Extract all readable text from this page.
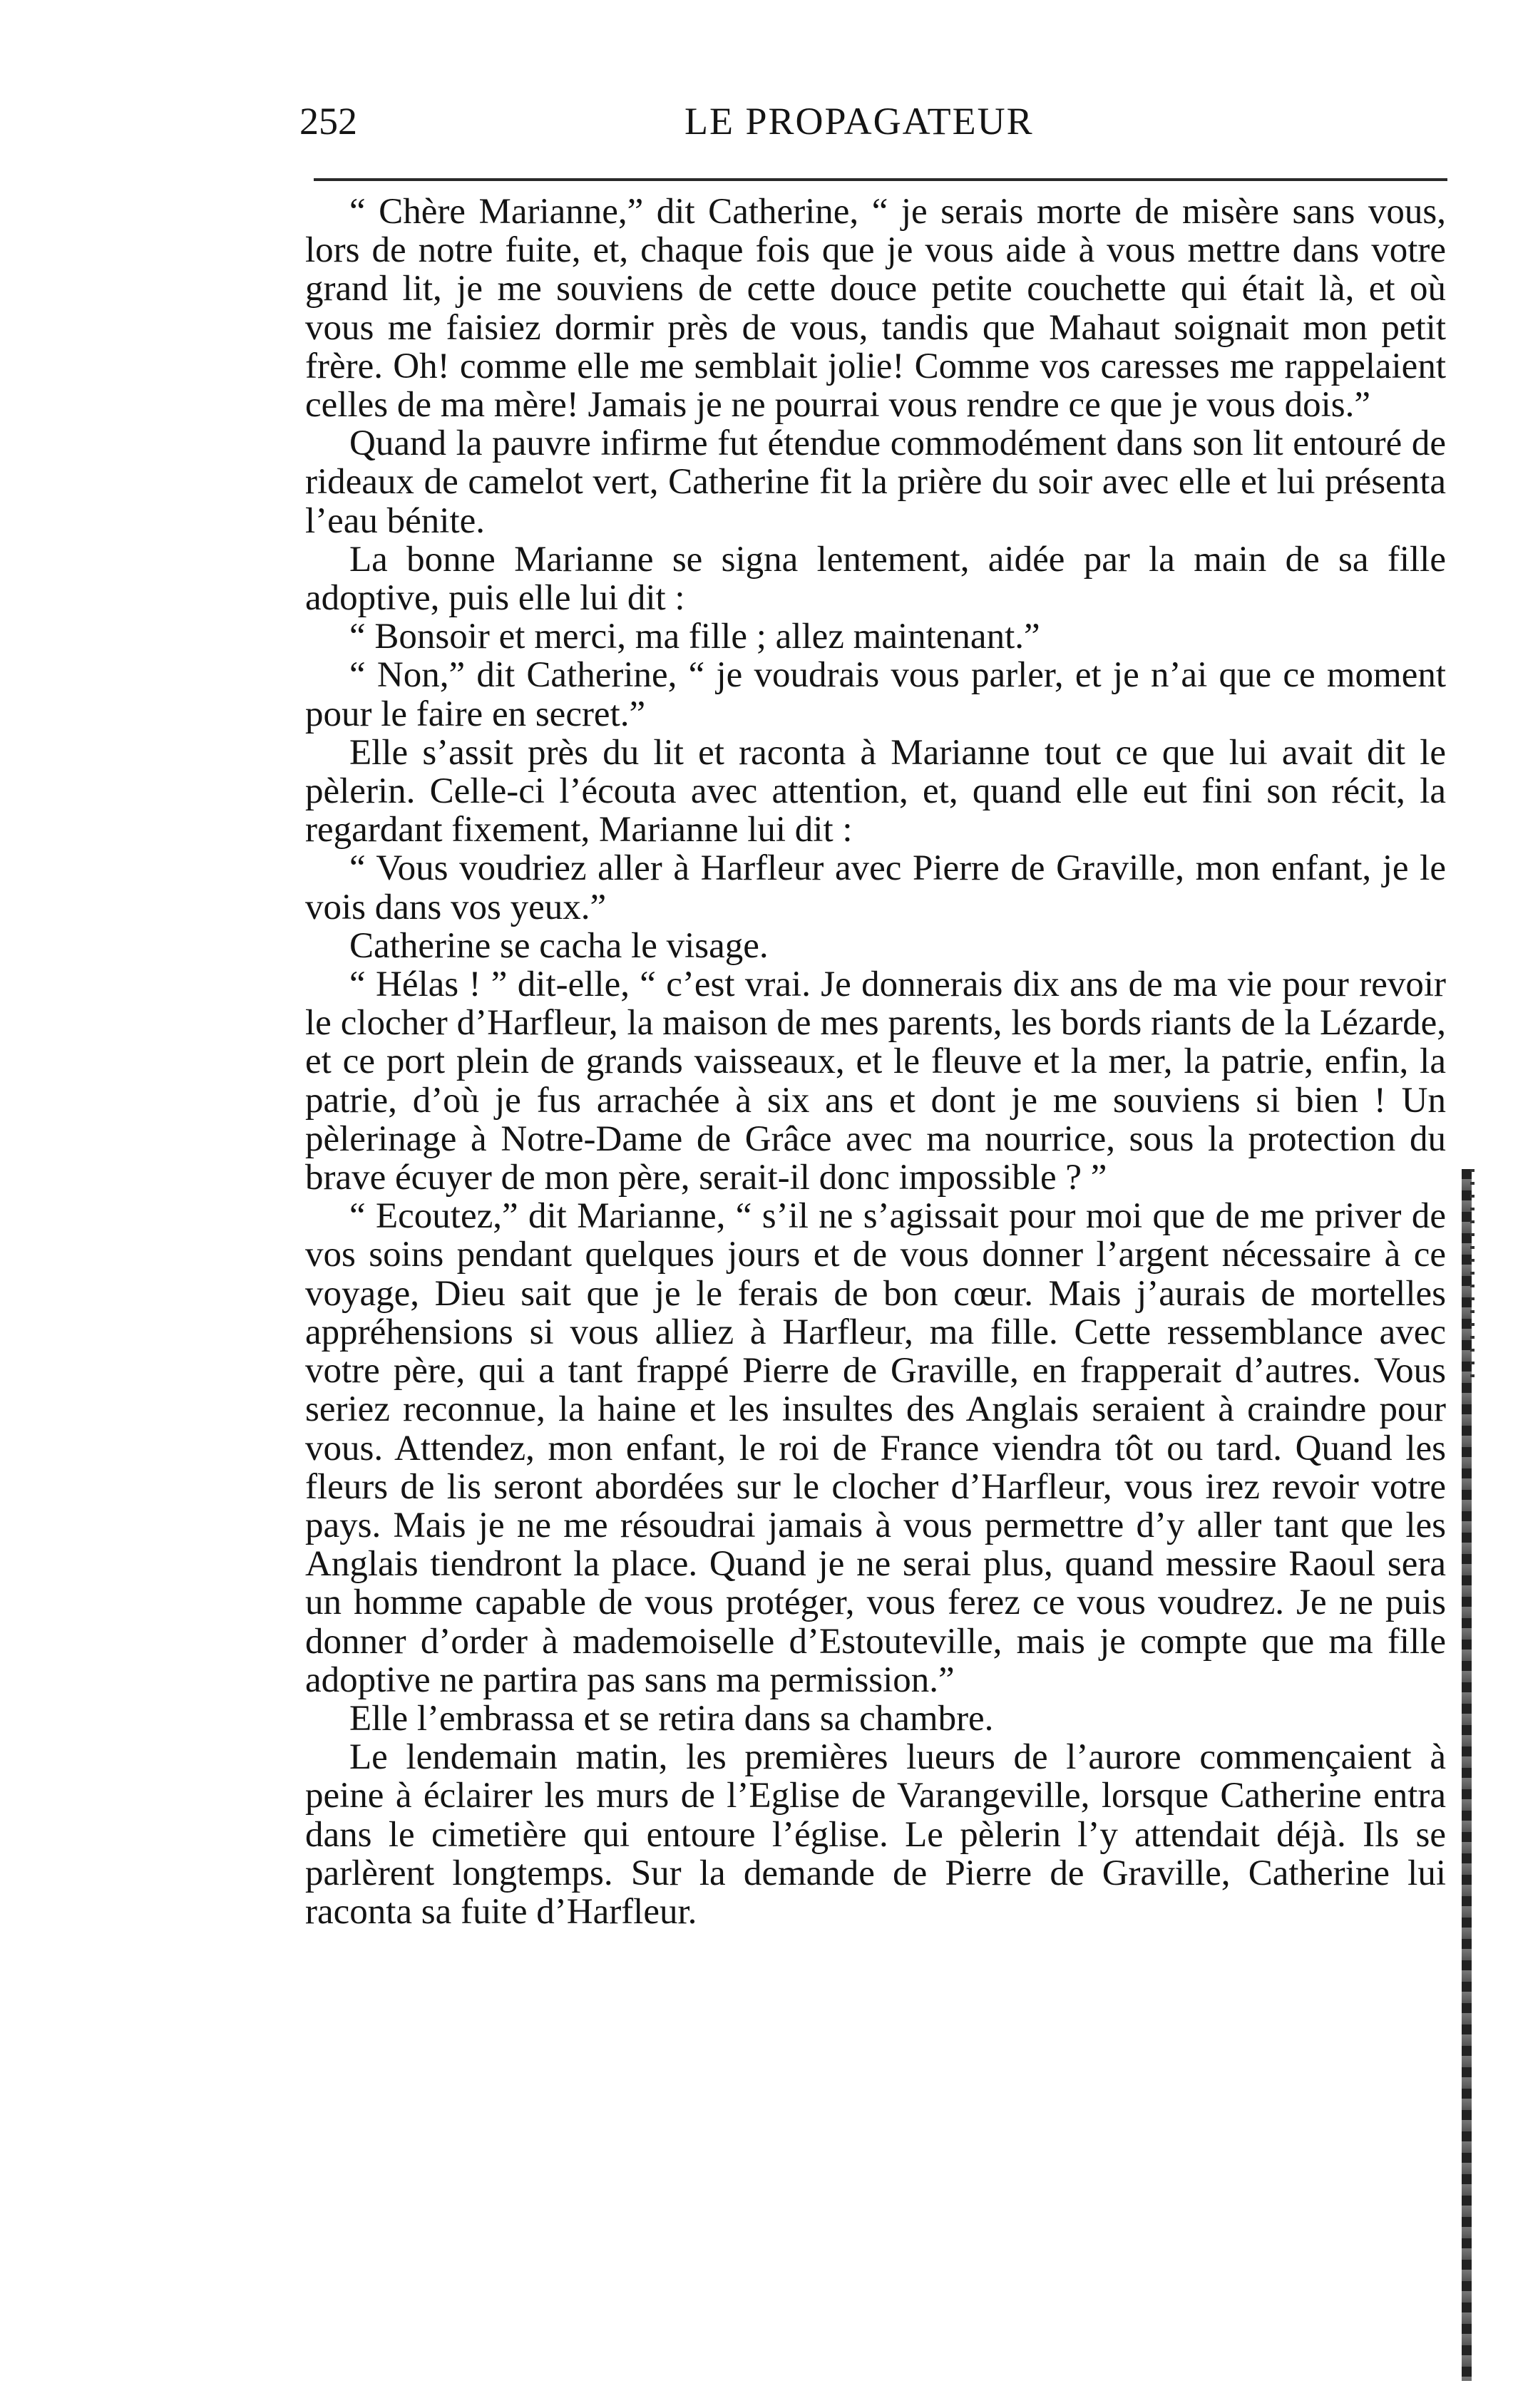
252	LE PROPAGATEUR

“ Chère Marianne,” dit Catherine, “ je serais morte de misère sans vous, lors de notre fuite, et, chaque fois que je vous aide à vous mettre dans votre grand lit, je me souviens de cette douce petite couchette qui était là, et où vous me faisiez dormir près de vous, tandis que Mahaut soignait mon petit frère. Oh! comme elle me semblait jolie! Comme vos caresses me rappelaient celles de ma mère! Jamais je ne pourrai vous rendre ce que je vous dois.”

Quand la pauvre infirme fut étendue commodément dans son lit entouré de rideaux de camelot vert, Catherine fit la prière du soir avec elle et lui présenta l’eau bénite.

La bonne Marianne se signa lentement, aidée par la main de sa fille adoptive, puis elle lui dit :

“ Bonsoir et merci, ma fille ; allez maintenant.”

“ Non,” dit Catherine, “ je voudrais vous parler, et je n’ai que ce moment pour le faire en secret.”

Elle s’assit près du lit et raconta à Marianne tout ce que lui avait dit le pèlerin. Celle-ci l’écouta avec attention, et, quand elle eut fini son récit, la regardant fixement, Marianne lui dit :

“ Vous voudriez aller à Harfleur avec Pierre de Graville, mon enfant, je le vois dans vos yeux.”

Catherine se cacha le visage.

“ Hélas ! ” dit-elle, “ c’est vrai. Je donnerais dix ans de ma vie pour revoir le clocher d’Harfleur, la maison de mes parents, les bords riants de la Lézarde, et ce port plein de grands vaisseaux, et le fleuve et la mer, la patrie, enfin, la patrie, d’où je fus arrachée à six ans et dont je me souviens si bien ! Un pèlerinage à Notre-Dame de Grâce avec ma nourrice, sous la protection du brave écuyer de mon père, serait-il donc impossible ? ”

“ Ecoutez,” dit Marianne, “ s’il ne s’agissait pour moi que de me priver de vos soins pendant quelques jours et de vous donner l’argent nécessaire à ce voyage, Dieu sait que je le ferais de bon cœur. Mais j’aurais de mortelles appréhensions si vous alliez à Harfleur, ma fille. Cette ressemblance avec votre père, qui a tant frappé Pierre de Graville, en frapperait d’autres. Vous seriez reconnue, la haine et les insultes des Anglais seraient à craindre pour vous. Attendez, mon enfant, le roi de France viendra tôt ou tard. Quand les fleurs de lis seront abordées sur le clocher d’Harfleur, vous irez revoir votre pays. Mais je ne me résoudrai jamais à vous permettre d’y aller tant que les Anglais tiendront la place. Quand je ne serai plus, quand messire Raoul sera un homme capable de vous protéger, vous ferez ce vous voudrez. Je ne puis donner d’order à mademoiselle d’Estouteville, mais je compte que ma fille adoptive ne partira pas sans ma permission.”

Elle l’embrassa et se retira dans sa chambre.

Le lendemain matin, les premières lueurs de l’aurore commençaient à peine à éclairer les murs de l’Eglise de Varangeville, lorsque Catherine entra dans le cimetière qui entoure l’église. Le pèlerin l’y attendait déjà. Ils se parlèrent longtemps. Sur la demande de Pierre de Graville, Catherine lui raconta sa fuite d’Harfleur.
